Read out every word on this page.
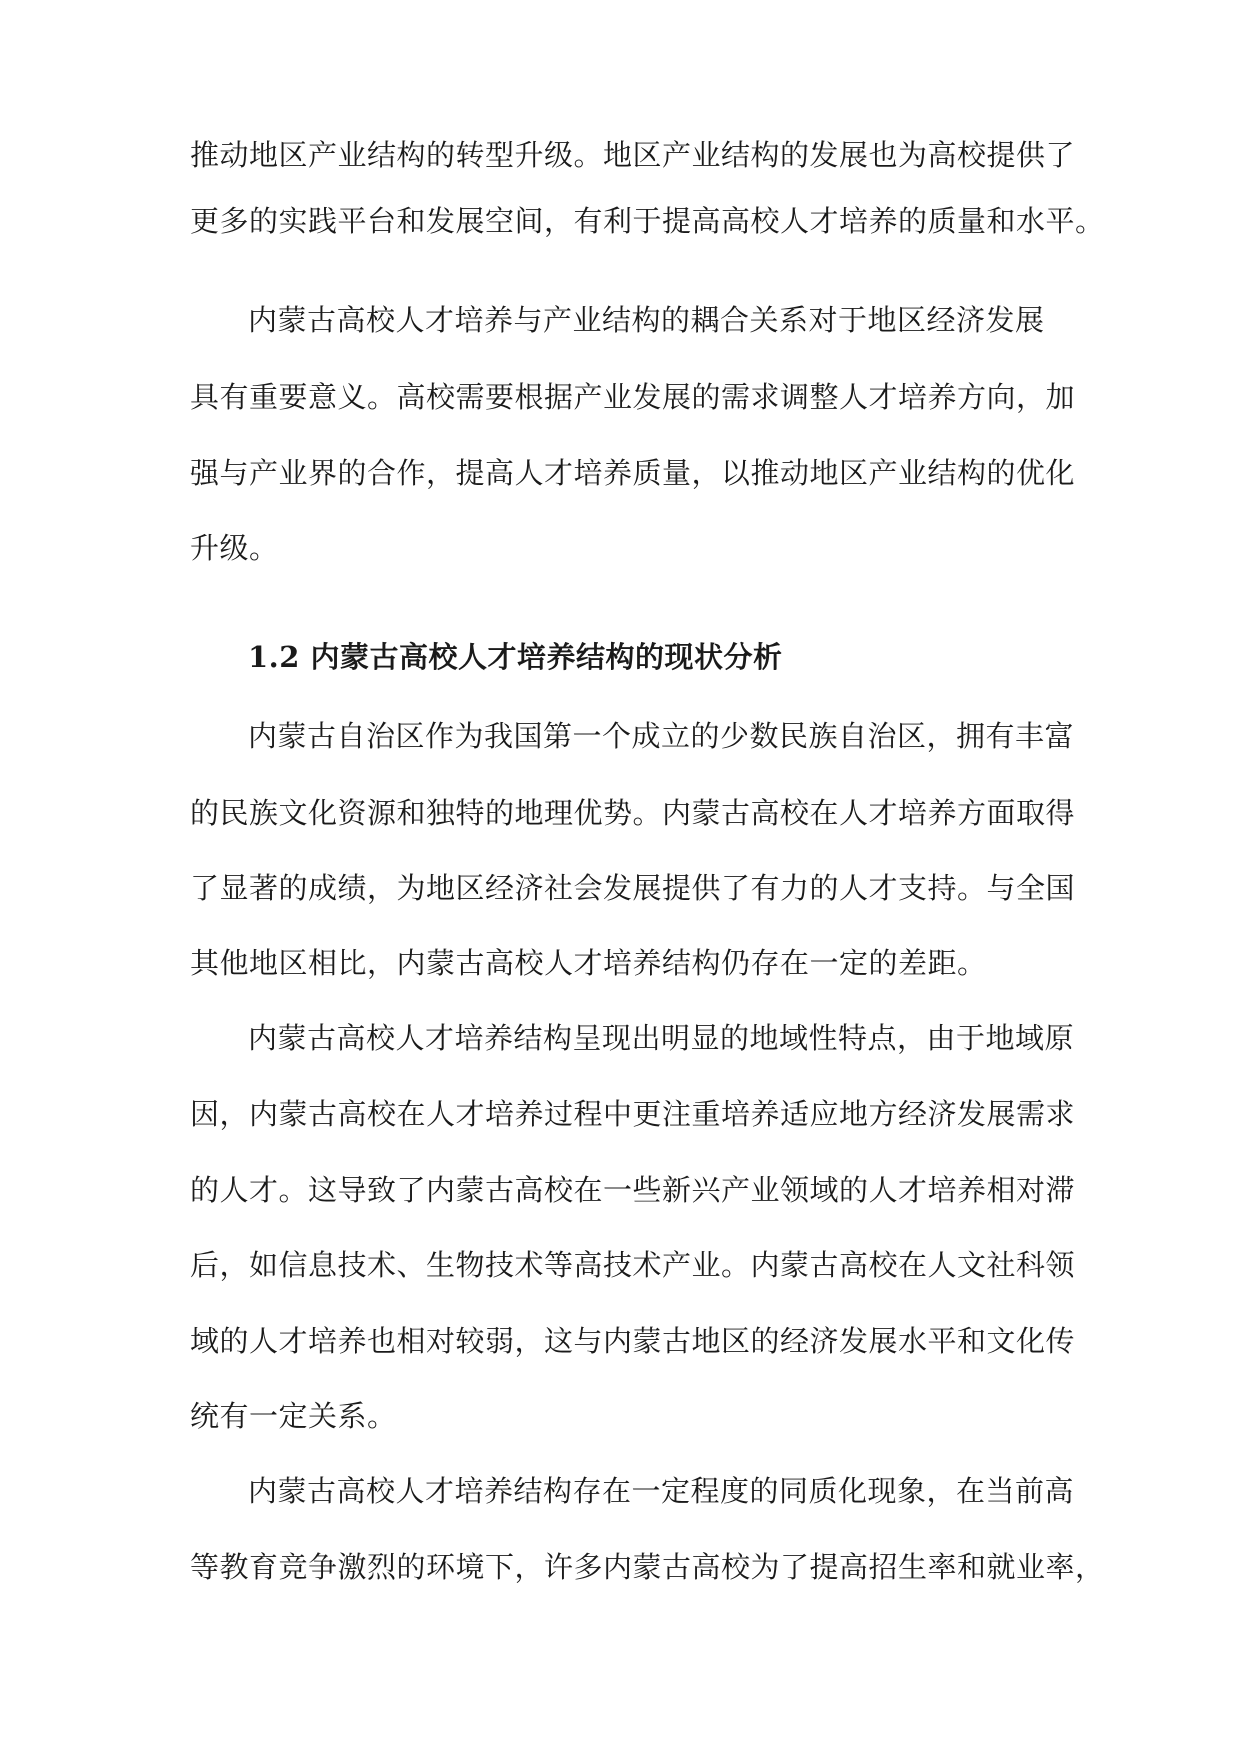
推动地区产业结构的转型升级。地区产业结构的发展也为高校提供了
更多的实践平台和发展空间，有利于提高高校人才培养的质量和水平。
内蒙古高校人才培养与产业结构的耦合关系对于地区经济发展
具有重要意义。高校需要根据产业发展的需求调整人才培养方向，加
强与产业界的合作，提高人才培养质量，以推动地区产业结构的优化
升级。
1.2 内蒙古高校人才培养结构的现状分析
内蒙古自治区作为我国第一个成立的少数民族自治区，拥有丰富
的民族文化资源和独特的地理优势。内蒙古高校在人才培养方面取得
了显著的成绩，为地区经济社会发展提供了有力的人才支持。与全国
其他地区相比，内蒙古高校人才培养结构仍存在一定的差距。
内蒙古高校人才培养结构呈现出明显的地域性特点，由于地域原
因，内蒙古高校在人才培养过程中更注重培养适应地方经济发展需求
的人才。这导致了内蒙古高校在一些新兴产业领域的人才培养相对滞
后，如信息技术、生物技术等高技术产业。内蒙古高校在人文社科领
域的人才培养也相对较弱，这与内蒙古地区的经济发展水平和文化传
统有一定关系。
内蒙古高校人才培养结构存在一定程度的同质化现象，在当前高
等教育竞争激烈的环境下，许多内蒙古高校为了提高招生率和就业率，
